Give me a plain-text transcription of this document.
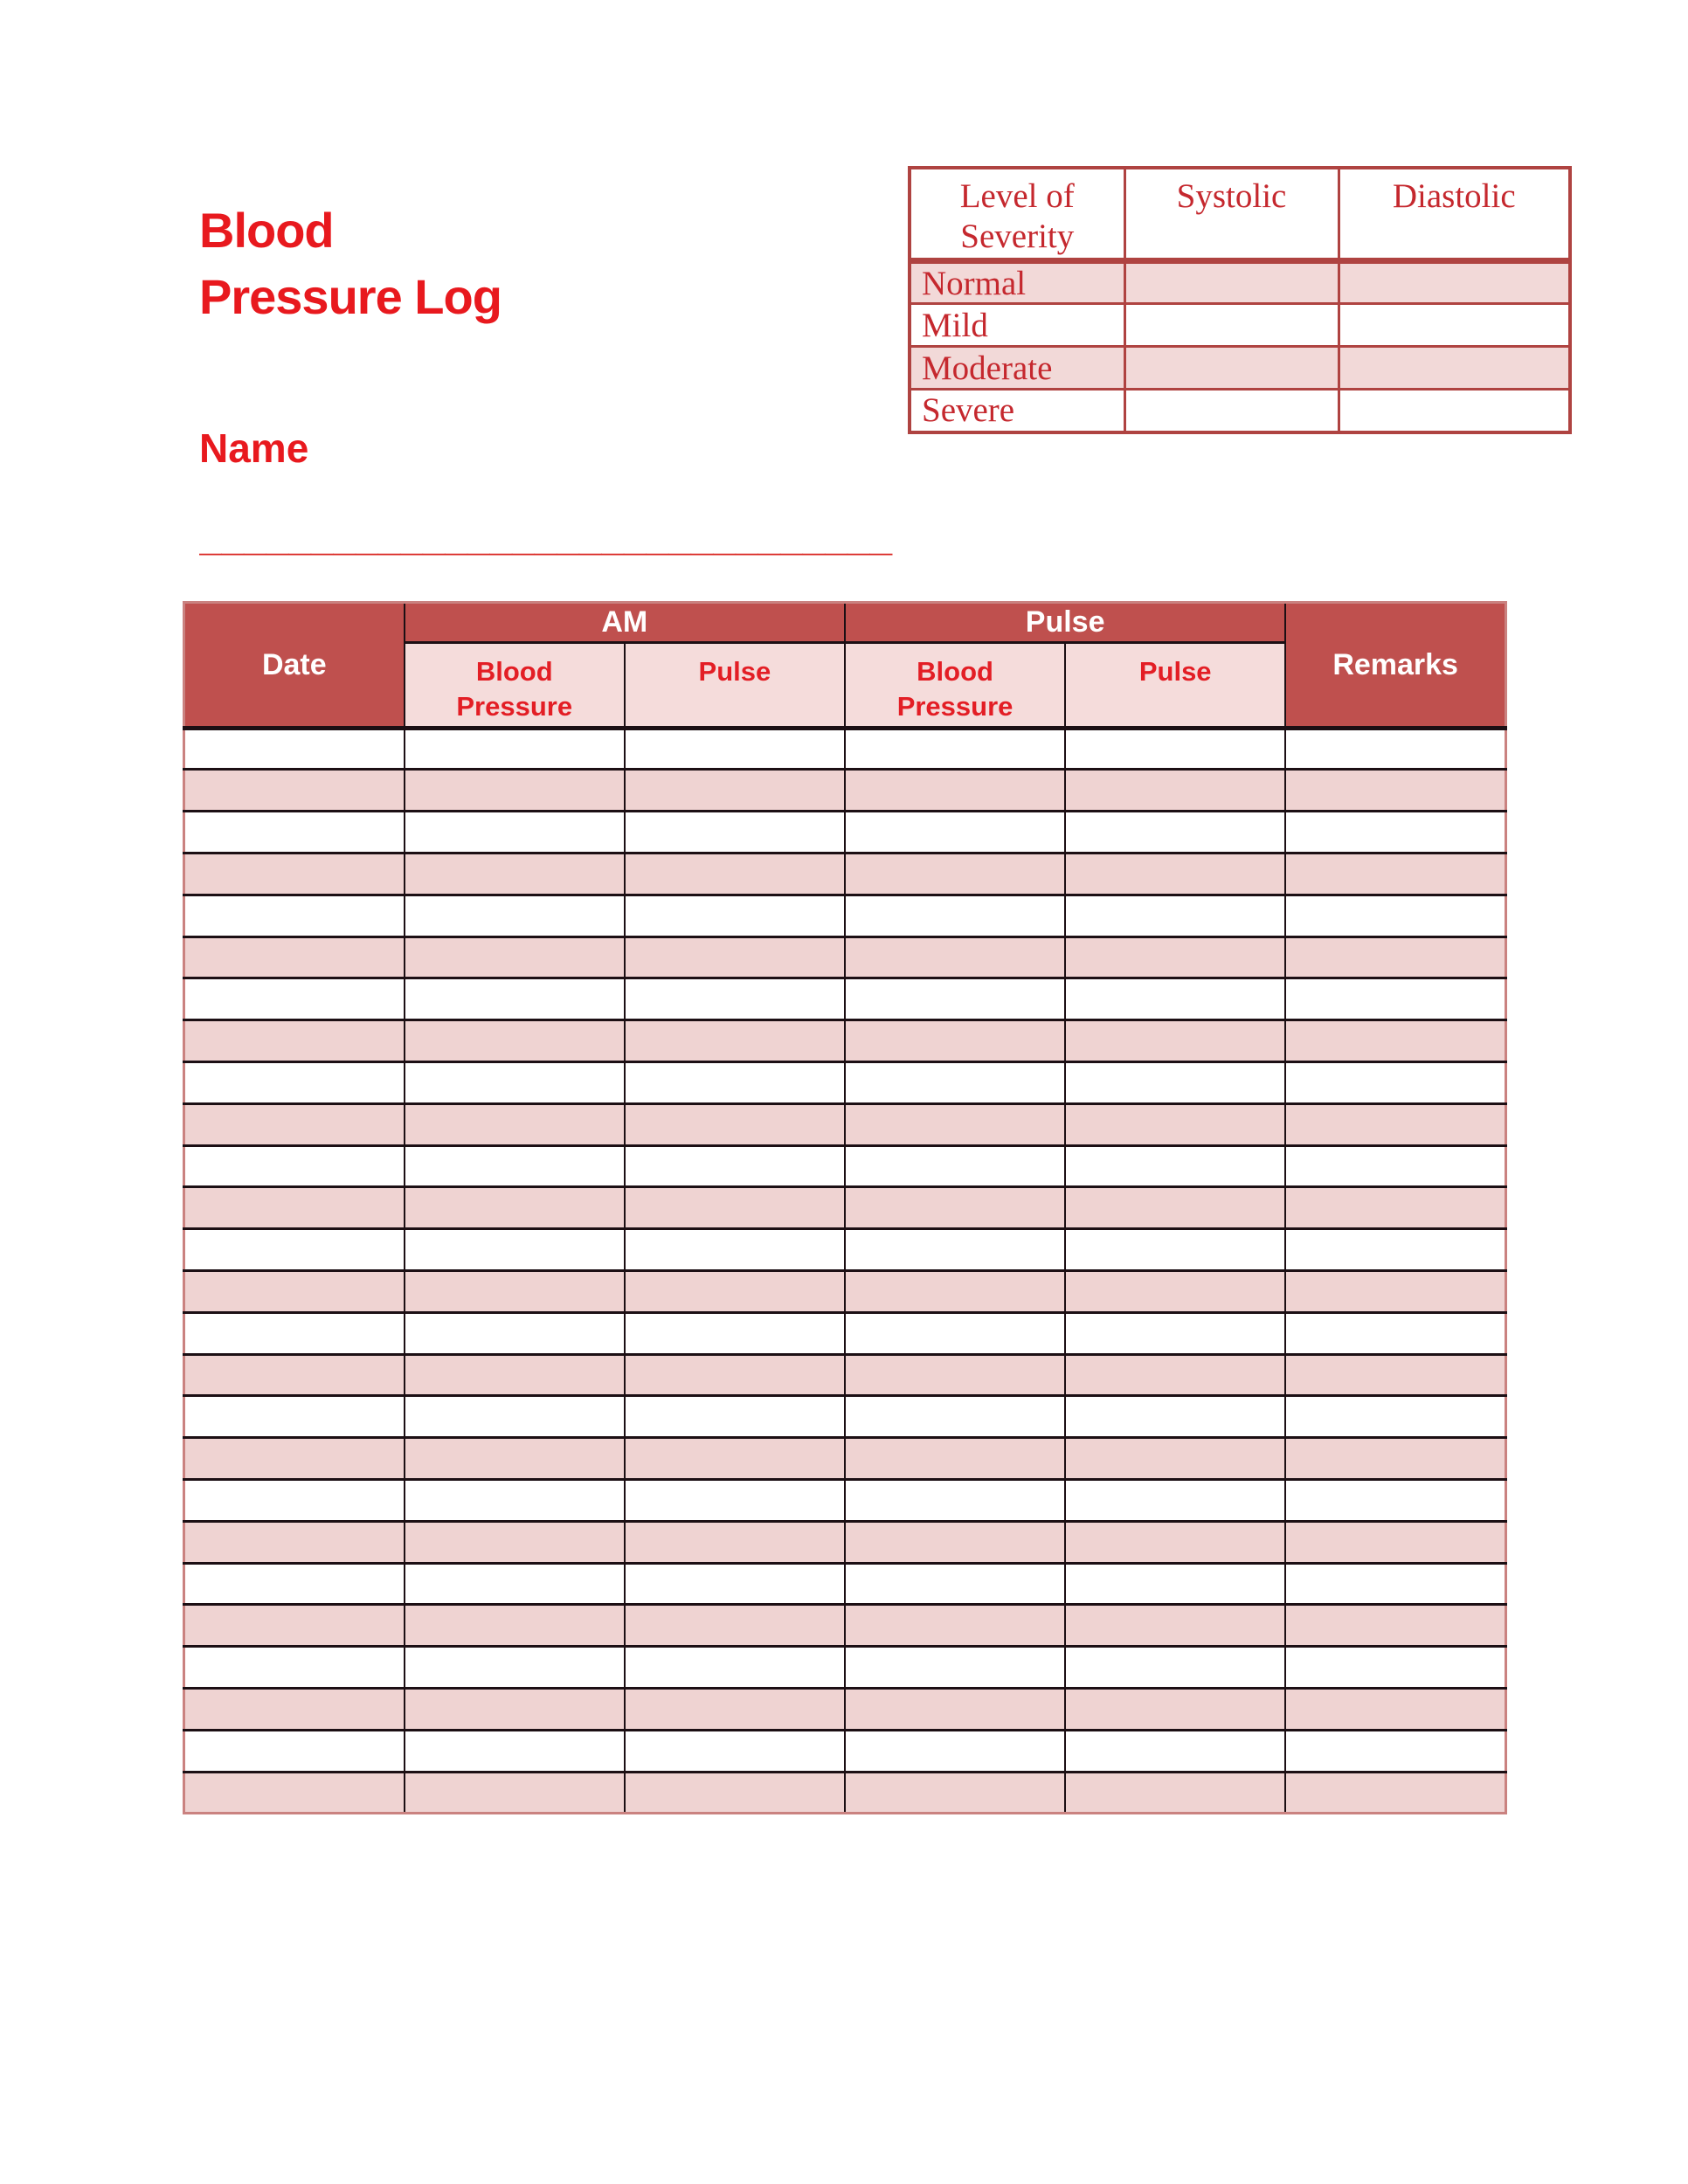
Blood
Pressure Log
Name
_______________________________
Level of Severity	Systolic	Diastolic
Normal		
Mild		
Moderate		
Severe		
Date	AM		Pulse		Remarks
	Blood Pressure	Pulse	Blood Pressure	Pulse	
